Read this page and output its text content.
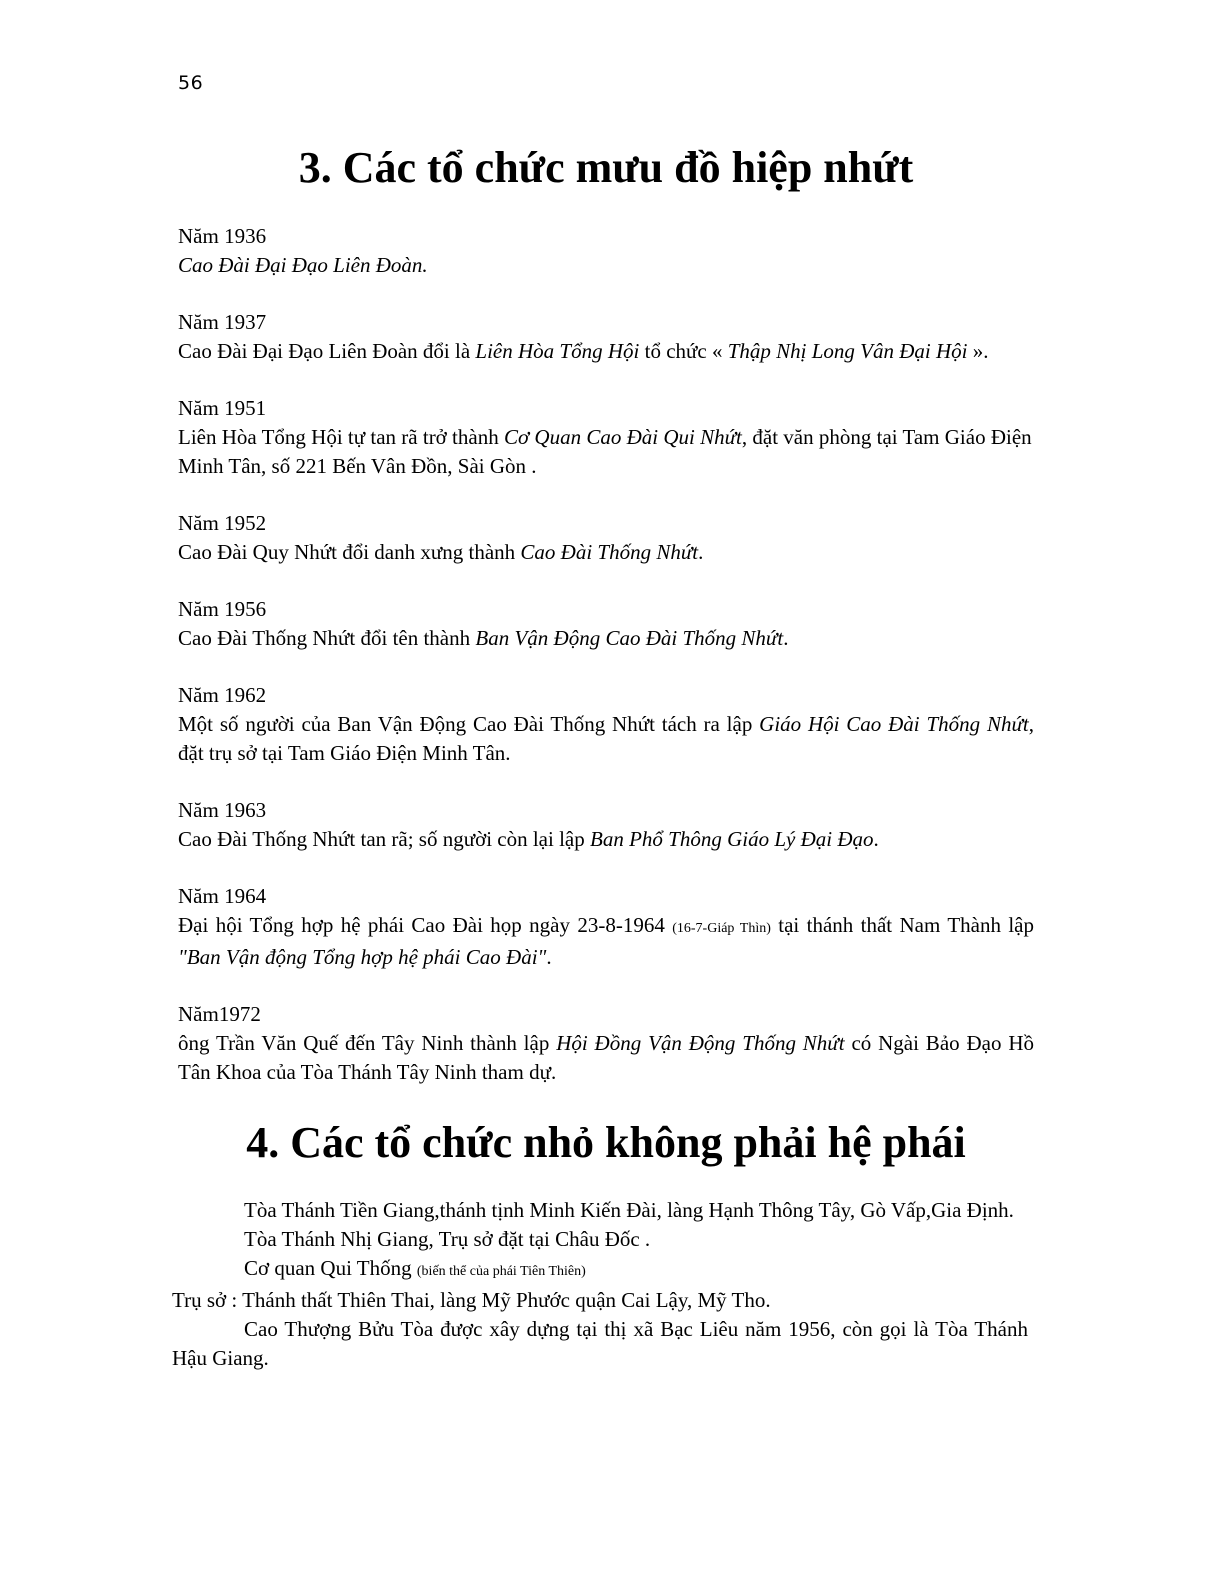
56
3. Các tổ chức mưu đồ hiệp nhứt

Năm 1936

Cao Đài Đại Đạo Liên Đoàn.

Năm 1937

Cao Đài Đại Đạo Liên Đoàn đổi là Liên Hòa Tổng Hội tổ chức « Thập Nhị Long Vân Đại Hội ».

Năm 1951

Liên Hòa Tổng Hội tự tan rã trở thành Cơ Quan Cao Đài Qui Nhứt, đặt văn phòng tại Tam Giáo Điện Minh Tân, số 221 Bến Vân Đồn, Sài Gòn .

Năm 1952

Cao Đài Quy Nhứt đổi danh xưng thành Cao Đài Thống Nhứt.

Năm 1956

Cao Đài Thống Nhứt đổi tên thành Ban Vận Động Cao Đài Thống Nhứt.

Năm 1962

Một số người của Ban Vận Động Cao Đài Thống Nhứt tách ra lập Giáo Hội Cao Đài Thống Nhứt, đặt trụ sở tại Tam Giáo Điện Minh Tân.

Năm 1963

Cao Đài Thống Nhứt tan rã; số người còn lại lập Ban Phổ Thông Giáo Lý Đại Đạo.

Năm 1964

Đại hội Tổng hợp hệ phái Cao Đài họp ngày 23-8-1964 (16-7-Giáp Thìn) tại thánh thất Nam Thành lập "Ban Vận động Tổng hợp hệ phái Cao Đài".

Năm1972

ông Trần Văn Quế đến Tây Ninh thành lập Hội Đồng Vận Động Thống Nhứt có Ngài Bảo Đạo Hồ Tân Khoa của Tòa Thánh Tây Ninh tham dự.

4. Các tổ chức nhỏ không phải hệ phái

Tòa Thánh Tiền Giang,thánh tịnh Minh Kiến Đài, làng Hạnh Thông Tây, Gò Vấp,Gia Định.

Tòa Thánh Nhị Giang, Trụ sở đặt tại Châu Đốc .

Cơ quan Qui Thống (biến thể của phái Tiên Thiên)

Trụ sở : Thánh thất Thiên Thai, làng Mỹ Phước quận Cai Lậy, Mỹ Tho.

Cao Thượng Bửu Tòa được xây dựng tại thị xã Bạc Liêu năm 1956, còn gọi là Tòa Thánh Hậu Giang.
